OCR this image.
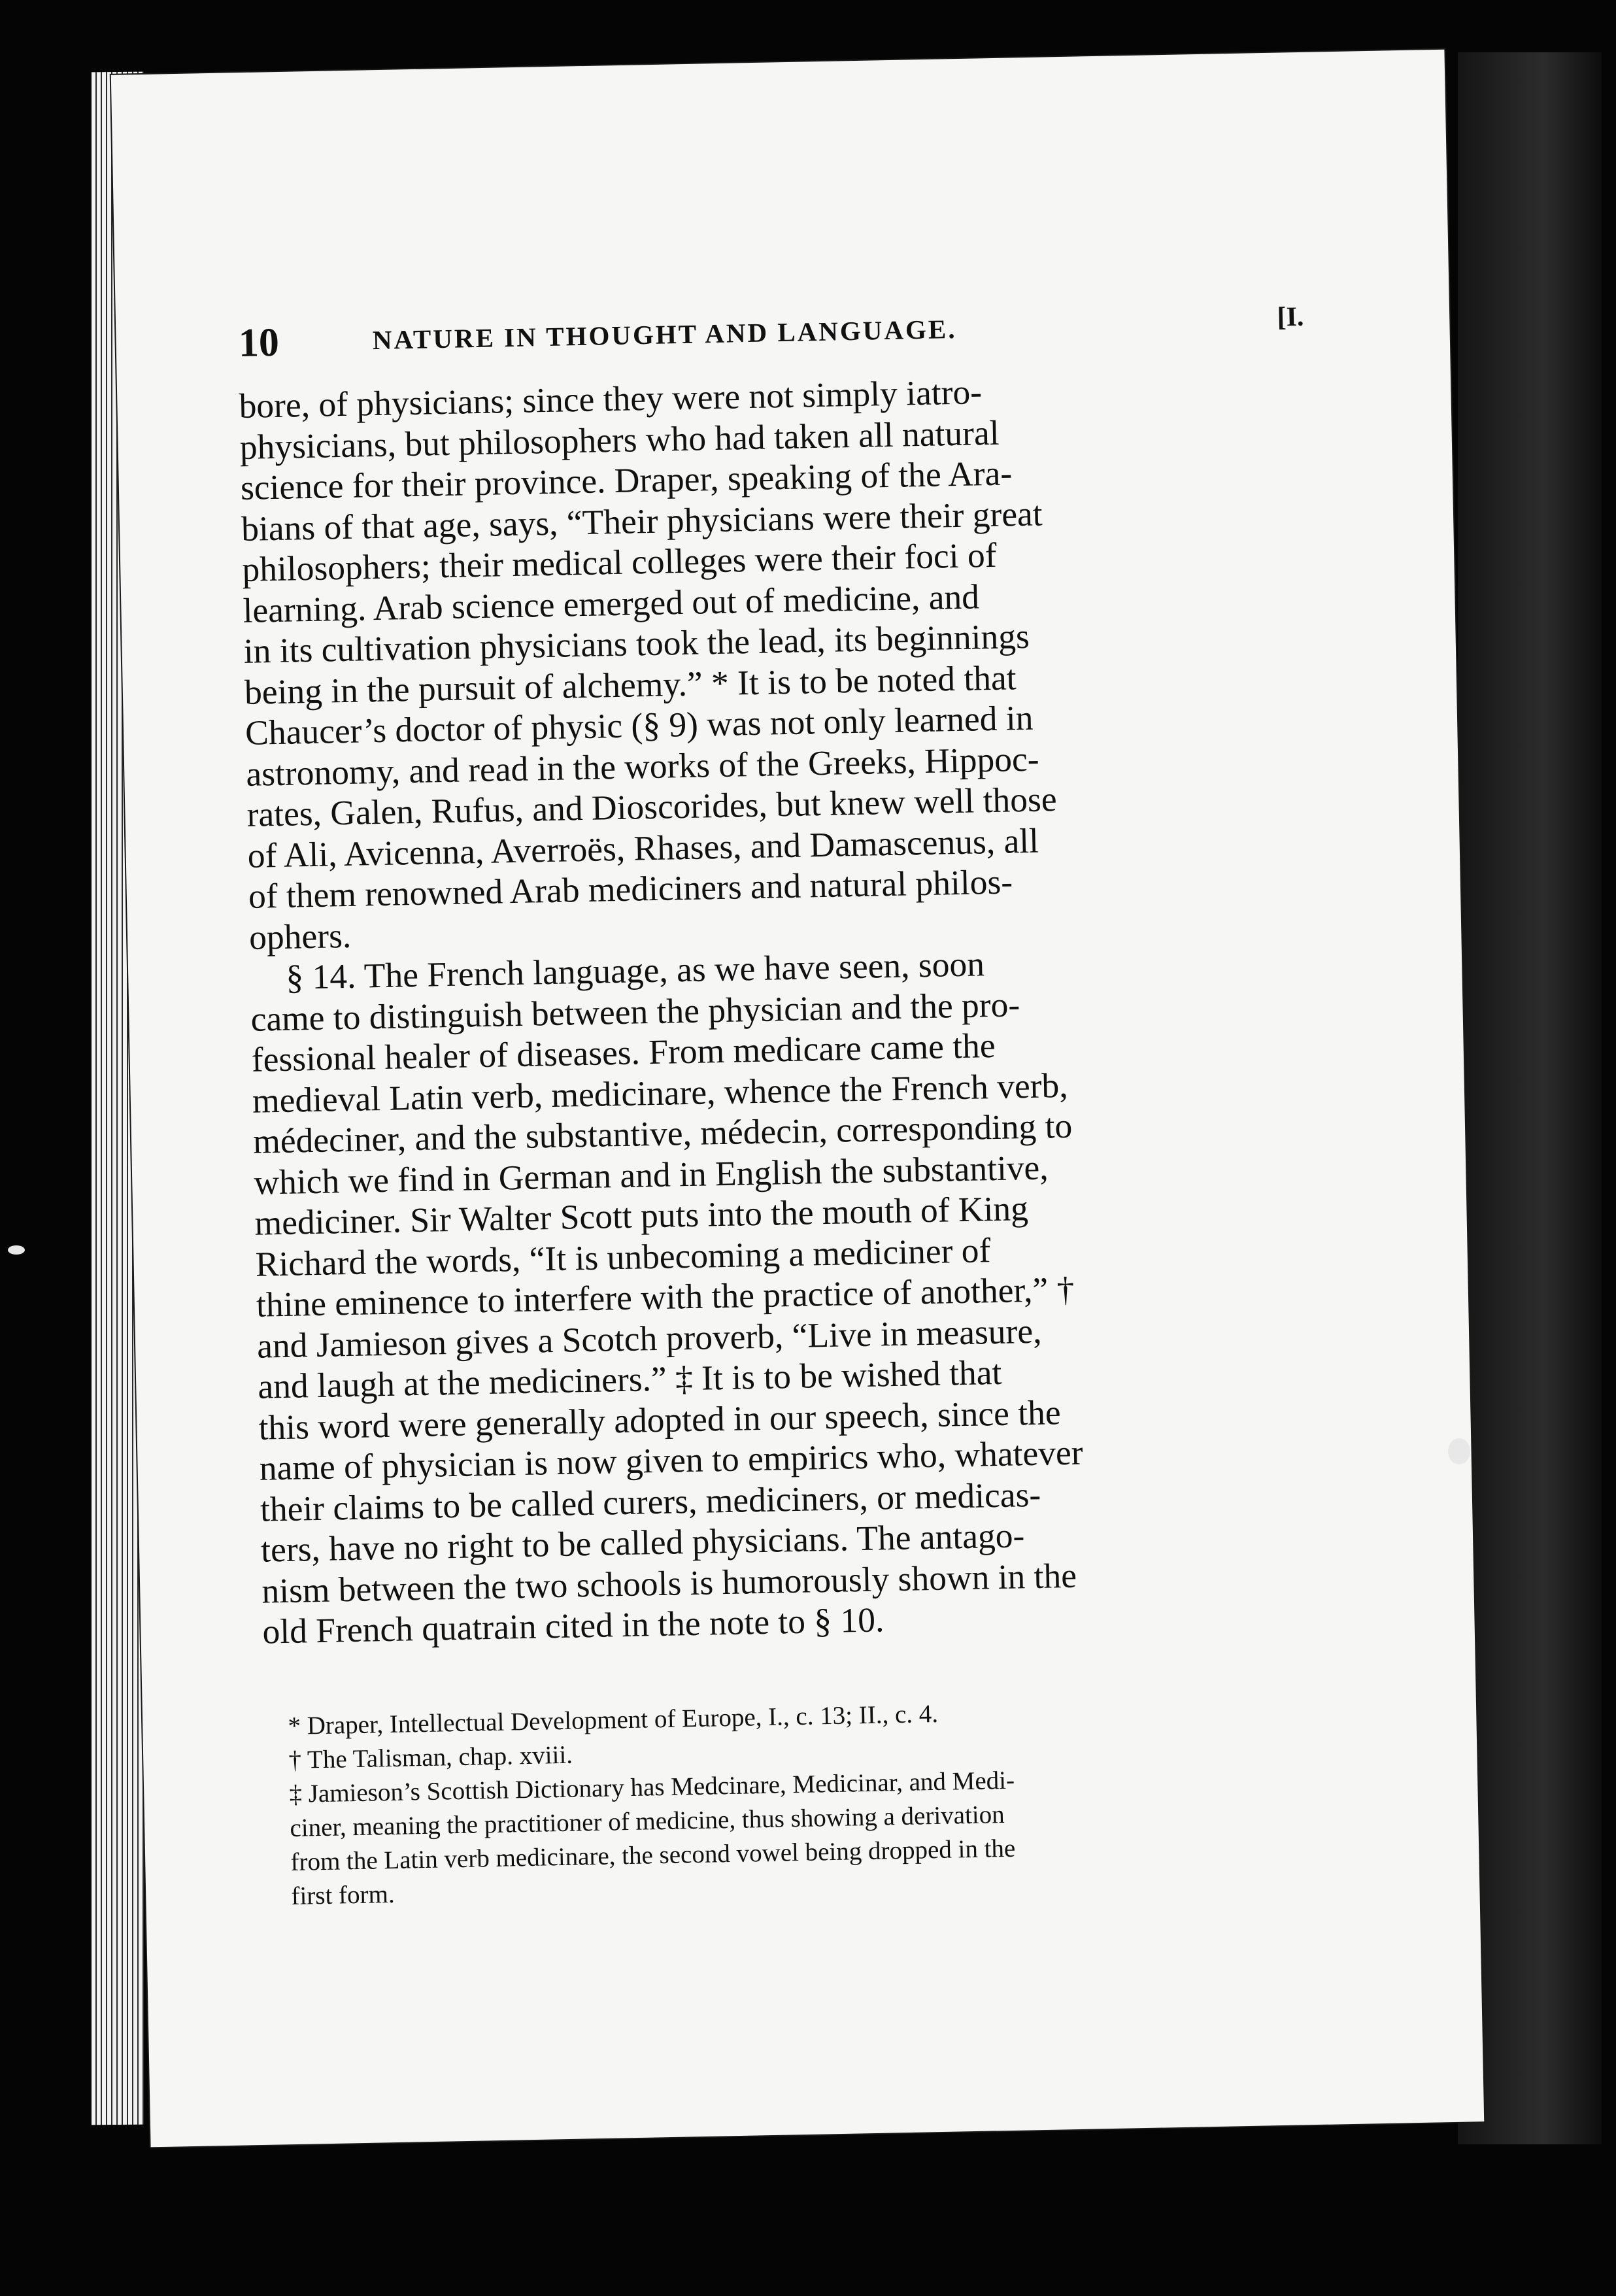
10	NATURE IN THOUGHT AND LANGUAGE.	[I.
bore, of physicians; since they were not simply iatro-
physicians, but philosophers who had taken all natural
science for their province. Draper, speaking of the Ara-
bians of that age, says, “Their physicians were their great
philosophers; their medical colleges were their foci of
learning. Arab science emerged out of medicine, and
in its cultivation physicians took the lead, its beginnings
being in the pursuit of alchemy.” * It is to be noted that
Chaucer’s doctor of physic (§ 9) was not only learned in
astronomy, and read in the works of the Greeks, Hippoc-
rates, Galen, Rufus, and Dioscorides, but knew well those
of Ali, Avicenna, Averroës, Rhases, and Damascenus, all
of them renowned Arab mediciners and natural philos-
ophers.
§ 14. The French language, as we have seen, soon
came to distinguish between the physician and the pro-
fessional healer of diseases. From medicare came the
medieval Latin verb, medicinare, whence the French verb,
médeciner, and the substantive, médecin, corresponding to
which we find in German and in English the substantive,
mediciner. Sir Walter Scott puts into the mouth of King
Richard the words, “It is unbecoming a mediciner of
thine eminence to interfere with the practice of another,” †
and Jamieson gives a Scotch proverb, “Live in measure,
and laugh at the mediciners.” ‡ It is to be wished that
this word were generally adopted in our speech, since the
name of physician is now given to empirics who, whatever
their claims to be called curers, mediciners, or medicas-
ters, have no right to be called physicians. The antago-
nism between the two schools is humorously shown in the
old French quatrain cited in the note to § 10.
* Draper, Intellectual Development of Europe, I., c. 13; II., c. 4.
† The Talisman, chap. xviii.
‡ Jamieson’s Scottish Dictionary has Medcinare, Medicinar, and Medi-
ciner, meaning the practitioner of medicine, thus showing a derivation
from the Latin verb medicinare, the second vowel being dropped in the
first form.
